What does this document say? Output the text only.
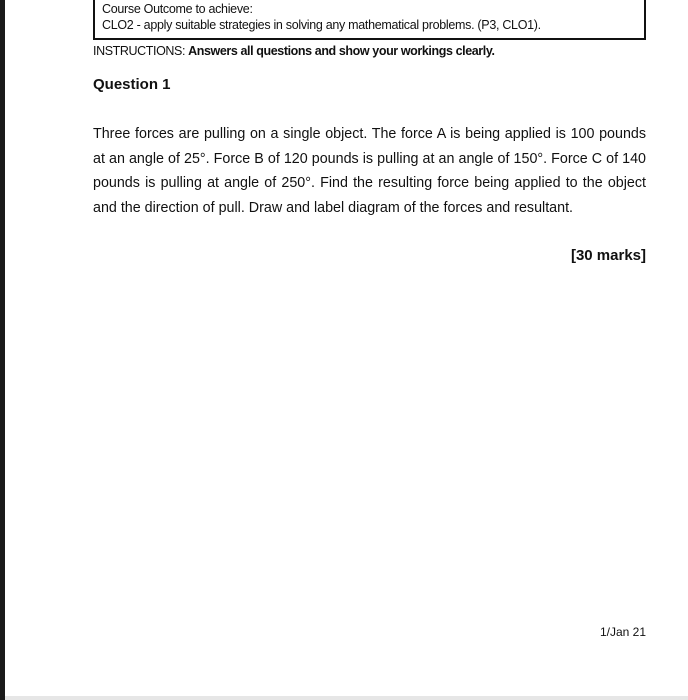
Course Outcome to achieve:
CLO2 - apply suitable strategies in solving any mathematical problems. (P3, CLO1).
INSTRUCTIONS: Answers all questions and show your workings clearly.
Question 1
Three forces are pulling on a single object. The force A is being applied is 100 pounds at an angle of 25°. Force B of 120 pounds is pulling at an angle of 150°. Force C of 140 pounds is pulling at angle of 250°. Find the resulting force being applied to the object and the direction of pull. Draw and label diagram of the forces and resultant.
[30 marks]
1/Jan 21
